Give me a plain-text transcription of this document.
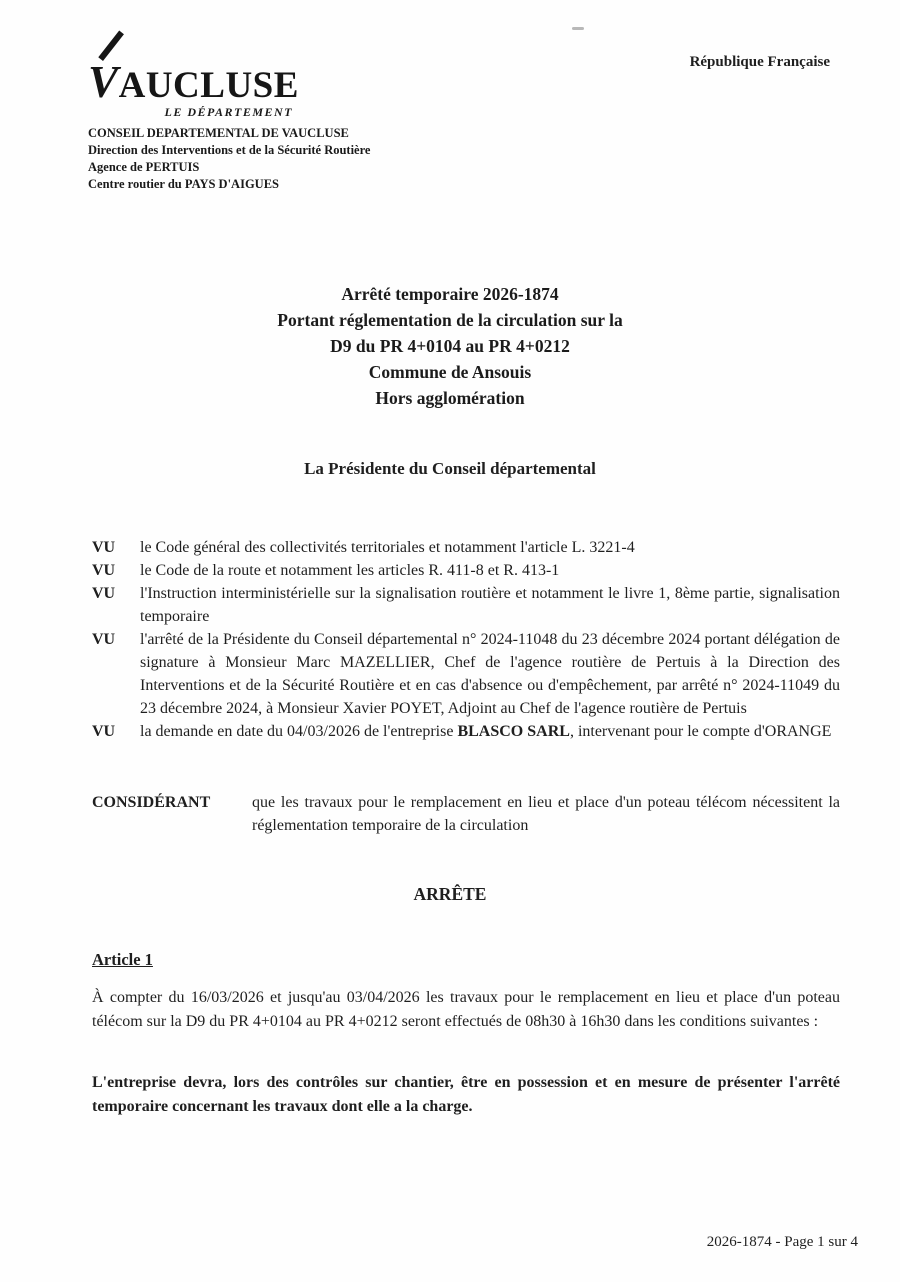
République Française
VAUCLUSE
LE DÉPARTEMENT
CONSEIL DEPARTEMENTAL DE VAUCLUSE
Direction des Interventions et de la Sécurité Routière
Agence de PERTUIS
Centre routier du PAYS D'AIGUES
Arrêté temporaire 2026-1874
Portant réglementation de la circulation sur la
D9 du PR 4+0104 au PR 4+0212
Commune de Ansouis
Hors agglomération
La Présidente du Conseil départemental
VU	le Code général des collectivités territoriales et notamment l'article L. 3221-4
VU	le Code de la route et notamment les articles R. 411-8 et R. 413-1
VU	l'Instruction interministérielle sur la signalisation routière et notamment le livre 1, 8ème partie, signalisation temporaire
VU	l'arrêté de la Présidente du Conseil départemental n° 2024-11048 du 23 décembre 2024 portant délégation de signature à Monsieur Marc MAZELLIER, Chef de l'agence routière de Pertuis à la Direction des Interventions et de la Sécurité Routière et en cas d'absence ou d'empêchement, par arrêté n° 2024-11049 du 23 décembre 2024, à Monsieur Xavier POYET, Adjoint au Chef de l'agence routière de Pertuis
VU	la demande en date du 04/03/2026 de l'entreprise BLASCO SARL, intervenant pour le compte d'ORANGE
CONSIDÉRANT	que les travaux pour le remplacement en lieu et place d'un poteau télécom nécessitent la réglementation temporaire de la circulation
ARRÊTE
Article 1
À compter du 16/03/2026 et jusqu'au 03/04/2026 les travaux pour le remplacement en lieu et place d'un poteau télécom sur la D9 du PR 4+0104 au PR 4+0212 seront effectués de 08h30 à 16h30 dans les conditions suivantes :
L'entreprise devra, lors des contrôles sur chantier, être en possession et en mesure de présenter l'arrêté temporaire concernant les travaux dont elle a la charge.
2026-1874 - Page 1 sur 4
